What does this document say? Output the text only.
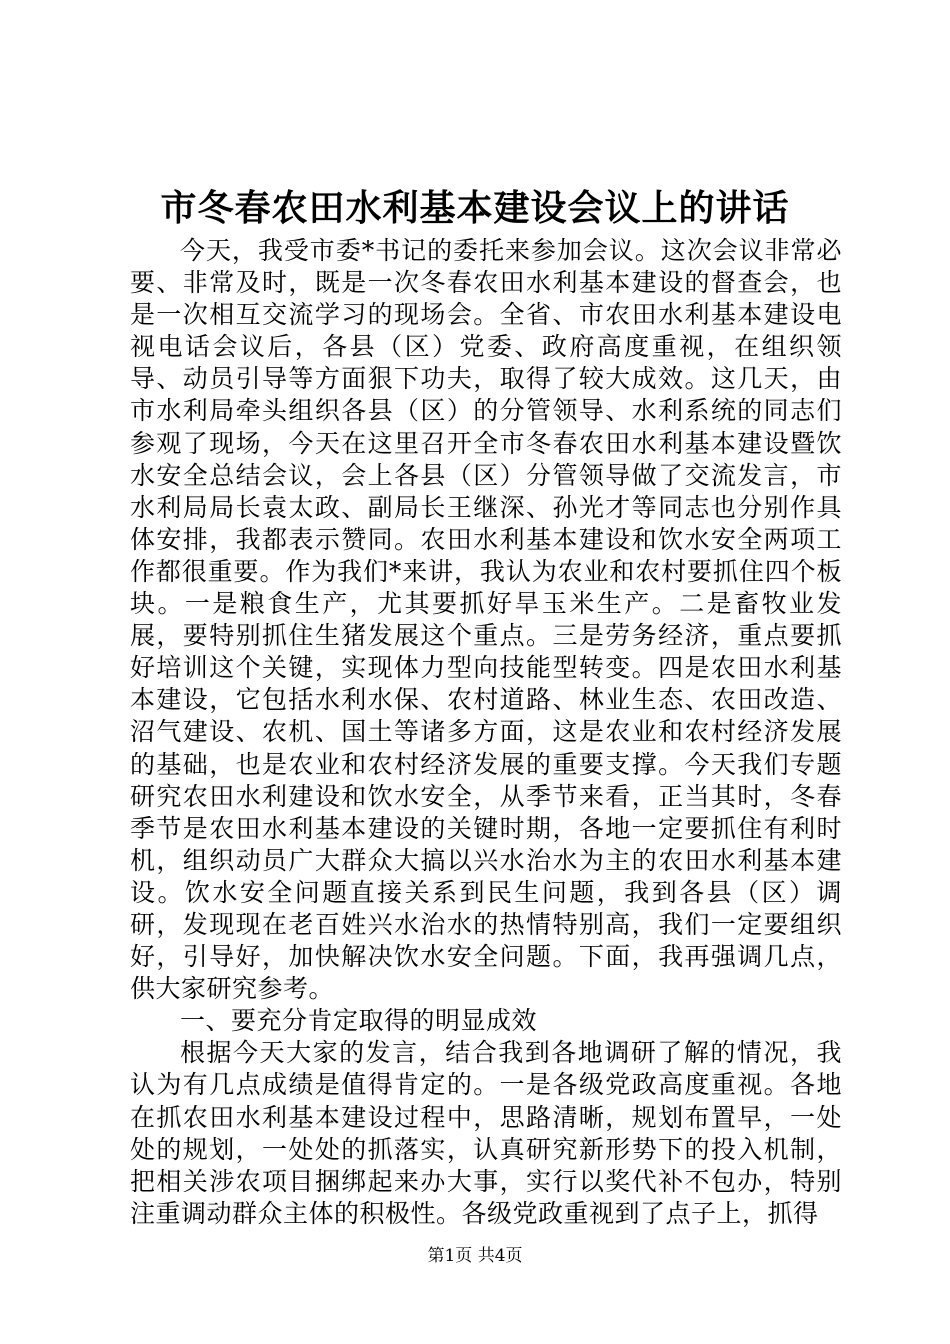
市冬春农田水利基本建设会议上的讲话

今天，我受市委*书记的委托来参加会议。这次会议非常必要、非常及时，既是一次冬春农田水利基本建设的督查会，也是一次相互交流学习的现场会。全省、市农田水利基本建设电视电话会议后，各县（区）党委、政府高度重视，在组织领导、动员引导等方面狠下功夫，取得了较大成效。这几天，由市水利局牵头组织各县（区）的分管领导、水利系统的同志们参观了现场，今天在这里召开全市冬春农田水利基本建设暨饮水安全总结会议，会上各县（区）分管领导做了交流发言，市水利局局长袁太政、副局长王继深、孙光才等同志也分别作具体安排，我都表示赞同。农田水利基本建设和饮水安全两项工作都很重要。作为我们*来讲，我认为农业和农村要抓住四个板块。一是粮食生产，尤其要抓好旱玉米生产。二是畜牧业发展，要特别抓住生猪发展这个重点。三是劳务经济，重点要抓好培训这个关键，实现体力型向技能型转变。四是农田水利基本建设，它包括水利水保、农村道路、林业生态、农田改造、沼气建设、农机、国土等诸多方面，这是农业和农村经济发展的基础，也是农业和农村经济发展的重要支撑。今天我们专题研究农田水利建设和饮水安全，从季节来看，正当其时，冬春季节是农田水利基本建设的关键时期，各地一定要抓住有利时机，组织动员广大群众大搞以兴水治水为主的农田水利基本建设。饮水安全问题直接关系到民生问题，我到各县（区）调研，发现现在老百姓兴水治水的热情特别高，我们一定要组织好，引导好，加快解决饮水安全问题。下面，我再强调几点，供大家研究参考。

一、要充分肯定取得的明显成效

根据今天大家的发言，结合我到各地调研了解的情况，我认为有几点成绩是值得肯定的。一是各级党政高度重视。各地在抓农田水利基本建设过程中，思路清晰，规划布置早，一处处的规划，一处处的抓落实，认真研究新形势下的投入机制，把相关涉农项目捆绑起来办大事，实行以奖代补不包办，特别注重调动群众主体的积极性。各级党政重视到了点子上，抓得

第1页 共4页
